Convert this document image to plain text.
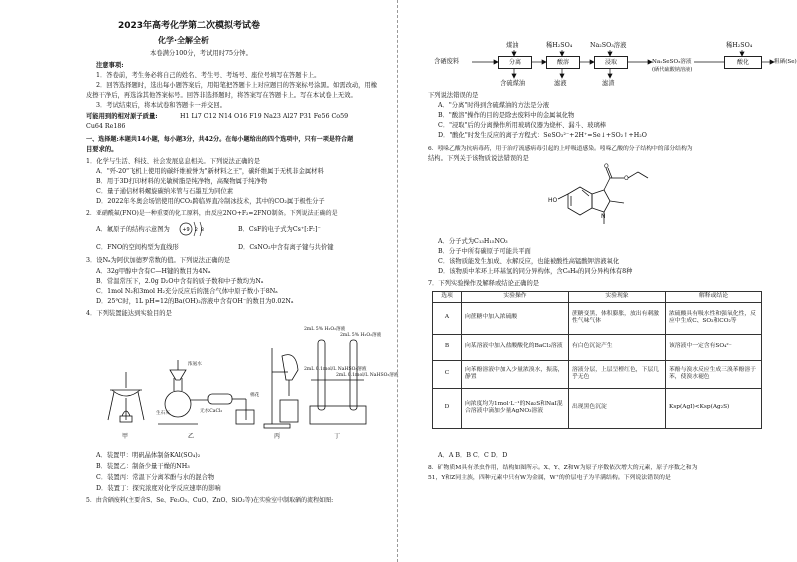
2023年高考化学第二次模拟考试卷
化学·全解全析
本卷满分100分，考试用时75分钟。
注意事项:
1．答卷前，考生务必将自己的姓名、考生号、考场号、座位号填写在答题卡上。
2．回答选择题时，选出每小题答案后，用铅笔把答题卡上对应题目的答案标号涂黑。如需改动，用橡
皮擦干净后，再选涂其他答案标号。回答非选择题时，将答案写在答题卡上。写在本试卷上无效。
3．考试结束后，将本试卷和答题卡一并交回。
可能用到的相对原子质量:	H1 Li7 C12 N14 O16 F19 Na23 Al27 P31 Fe56 Co59
Cu64 Re186
一、选择题:本题共14小题，每小题3分，共42分。在每小题给出的四个选项中，只有一项是符合题
目要求的。
1．化学与生活、科技、社会发展息息相关。下列说法正确的是
A．"歼-20"飞机上使用的碳纤维被誉为"新材料之王"，碳纤维属于无机非金属材料
B．用于3D打印材料的光敏树脂是纯净物，高聚物属于纯净物
C．量子通信材料螺旋碳纳米管与石墨互为同位素
D．2022年冬奥会场馆使用的CO₂跨临界直冷制冰技术，其中的CO₂属于极性分子
2．亚硝酰氟(FNO)是一种重要的化工原料，由反应2NO+F₂=2FNO制备。下列说法正确的是
A．氟原子的结构示意图为 +9 2 8	B．CsF的电子式为Cs⁺[:F:]⁻
C．FNO的空间构型为直线形	D．CsNO₂中含有离子键与共价键
3．设Nₐ为阿伏加德罗常数的值。下列说法正确的是
A．32g甲醇中含有C—H键的数目为4Nₐ
B．常温常压下，2.0g D₂O中含有的质子数和中子数均为Nₐ
C．1mol N₂和3mol H₂充分反应后的混合气体中原子数小于8Nₐ
D．25℃时，1L pH=12的Ba(OH)₂溶液中含有OH⁻的数目为0.02Nₐ
4．下列装置能达到实验目的是
甲	乙	丙	丁
浓氨水
无水CaCl₂
生石灰
棉花
2mL 5% H₂O₂溶液
2mL 0.1mol/L NaHSO₃溶液
2mL 5% H₂O₂溶液
2mL 0.1mol/L NaHSO₃溶液
A．装置甲：明矾晶体制备KAl(SO₄)₂
B．装置乙：制备少量干燥的NH₃
C．装置丙：常温下分离苯酚与水的混合物
D．装置丁：探究浓度对化学反应速率的影响
5．由含硒废料(主要含S、Se、Fe₂O₃、CuO、ZnO、SiO₂等)在实验室中制取硒的流程如图:
含硒废料	分离	酸溶	浸取	酸化
煤油	稀H₂SO₄	Na₂SO₃溶液	稀H₂SO₄
含硫煤油	滤液	滤渣
Na₂SeSO₃溶液
(硒代硫酸钠溶液)
粗硒(Se)
下列说法错误的是
A．"分离"时得到含硫煤油的方法是分液
B．"酸溶"操作的目的是除去废料中的金属氧化物
C．"浸取"后的分离操作所用玻璃仪器为烧杯、漏斗、玻璃棒
D．"酸化"时发生反应的离子方程式：SeSO₃²⁻+2H⁺=Se↓+SO₂↑+H₂O
6．吲哚乙酸为抗病毒药，用于治疗流感病毒引起的上呼吸道感染。吲哚乙酸的分子结构中的部分结构为
结构。下列关于该物质说法错误的是
HO
N
O
O
A．分子式为C₁₃H₁₅NO₃
B．分子中所有碳原子可能共平面
C．该物质能发生加成、水解反应，也能被酸性高锰酸钾溶液氧化
D．该物质中苯环上环基氢的同分异构体，含C₆H₆的同分异构体有8种
7．下列实验操作及解释或结论正确的是
选项	实验操作	实验现象	解释或结论
A	向蔗糖中加入浓硫酸	蔗糖变黑，体积膨胀，放出有刺激性气味气体	浓硫酸具有吸水性和强氧化性，反应中生成C、SO₂和CO₂等
B	向某溶液中加入盐酸酸化的BaCl₂溶液	有白色沉淀产生	该溶液中一定含有SO₄²⁻
C	向苯酚溶液中加入少量浓溴水，振荡，静置	溶液分层，上层呈橙红色，下层几乎无色	苯酚与溴水反应生成三溴苯酚溶于苯，使溴水褪色
D	向浓度均为1mol·L⁻¹的Na₂S和NaI混合溶液中滴加少量AgNO₃溶液	出现黑色沉淀	Ksp(AgI)<Ksp(Ag₂S)
A．A B．B C．C D．D
8．矿物质M具有杀虫作用，结构如图所示。X、Y、Z和W为原子序数依次增大的元素，原子序数之和为
51，Y和Z同主族，四种元素中只有W为金属，W⁺的价层电子为半满结构。下列说法错误的是
